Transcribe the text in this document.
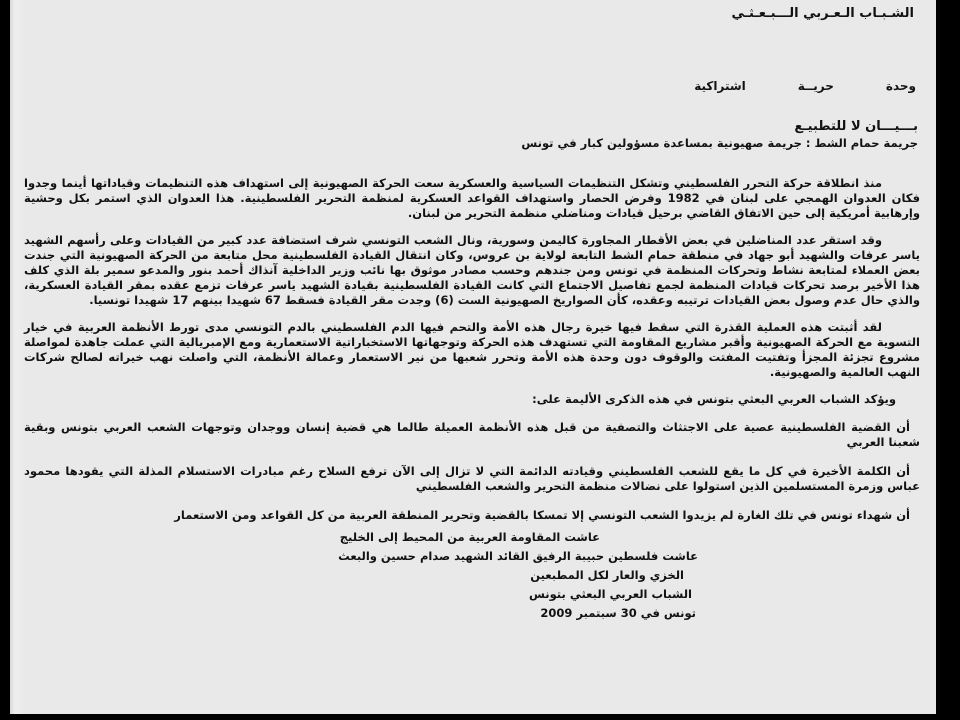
الشـبـاب الـعـربي الـــبـعـثـي
وحدة
حريــة
اشتراكية
بـــيـــان لا للتطبيـع
جريمة حمام الشط : جريمة صهيونية بمساعدة مسؤولين كبار في تونس
منذ انطلاقة حركة التحرر الفلسطيني وتشكل التنظيمات السياسية والعسكرية سعت الحركة الصهيونية إلى استهداف هذه التنظيمات وقياداتها أينما وجدوا فكان العدوان الهمجي على لبنان في 1982 وفرض الحصار واستهداف القواعد العسكرية لمنظمة التحرير الفلسطينية. هذا العدوان الذي استمر بكل وحشية وإرهابية أمريكية إلى حين الاتفاق القاضي برحيل قيادات ومناضلي منظمة التحرير من لبنان.
وقد استقر عدد المناضلين في بعض الأقطار المجاورة كاليمن وسورية، ونال الشعب التونسي شرف استضافة عدد كبير من القيادات وعلى رأسهم الشهيد ياسر عرفات والشهيد أبو جهاد في منطقة حمام الشط التابعة لولاية بن عروس، وكان انتقال القيادة الفلسطينية محل متابعة من الحركة الصهيونية التي جندت بعض العملاء لمتابعة نشاط وتحركات المنظمة في تونس ومن جندهم وحسب مصادر موثوق بها نائب وزير الداخلية آنذاك أحمد بنور والمدعو سمير بلة الذي كلف هذا الأخير برصد تحركات قيادات المنظمة لجمع تفاصيل الاجتماع التي كانت القيادة الفلسطينية بقيادة الشهيد ياسر عرفات تزمع عقده بمقر القيادة العسكرية، والذي حال عدم وصول بعض القيادات ترتيبه وعقده، كأن الصواريخ الصهيونية الست (6) وجدت مقر القيادة فسقط 67 شهيدا بينهم 17 شهيدا تونسيا.
لقد أثبتت هذه العملية القذرة التي سقط فيها خيرة رجال هذه الأمة والتحم فيها الدم الفلسطيني بالدم التونسي مدى تورط الأنظمة العربية في خيار التسوية مع الحركة الصهيونية وأقبر مشاريع المقاومة التي تستهدف هذه الحركة وتوجهاتها الاستخباراتية الاستعمارية ومع الإمبريالية التي عملت جاهدة لمواصلة مشروع تجزئة المجزأ وتفتيت المفتت والوقوف دون وحدة هذه الأمة وتحرر شعبها من نير الاستعمار وعمالة الأنظمة، التي واصلت نهب خيراته لصالح شركات النهب العالمية والصهيونية.
ويؤكد الشباب العربي البعثي بتونس في هذه الذكرى الأليمة على:
أن القضية الفلسطينية عصية على الاجتثاث والتصفية من قبل هذه الأنظمة العميلة طالما هي قضية إنسان ووجدان وتوجهات الشعب العربي بتونس وبقية شعبنا العربي
أن الكلمة الأخيرة في كل ما يقع للشعب الفلسطيني وقيادته الدائمة التي لا تزال إلى الآن ترفع السلاح رغم مبادرات الاستسلام المذلة التي يقودها محمود عباس وزمرة المستسلمين الذين استولوا على نضالات منظمة التحرير والشعب الفلسطيني
أن شهداء تونس في تلك الغارة لم يزيدوا الشعب التونسي إلا تمسكا بالقضية وتحرير المنطقة العربية من كل القواعد ومن الاستعمار
عاشت المقاومة العربية من المحيط إلى الخليج
عاشت فلسطين حبيبة الرفيق القائد الشهيد صدام حسين والبعث
الخزي والعار لكل المطبعين
الشباب العربي البعثي بتونس
تونس في 30 سبتمبر 2009
